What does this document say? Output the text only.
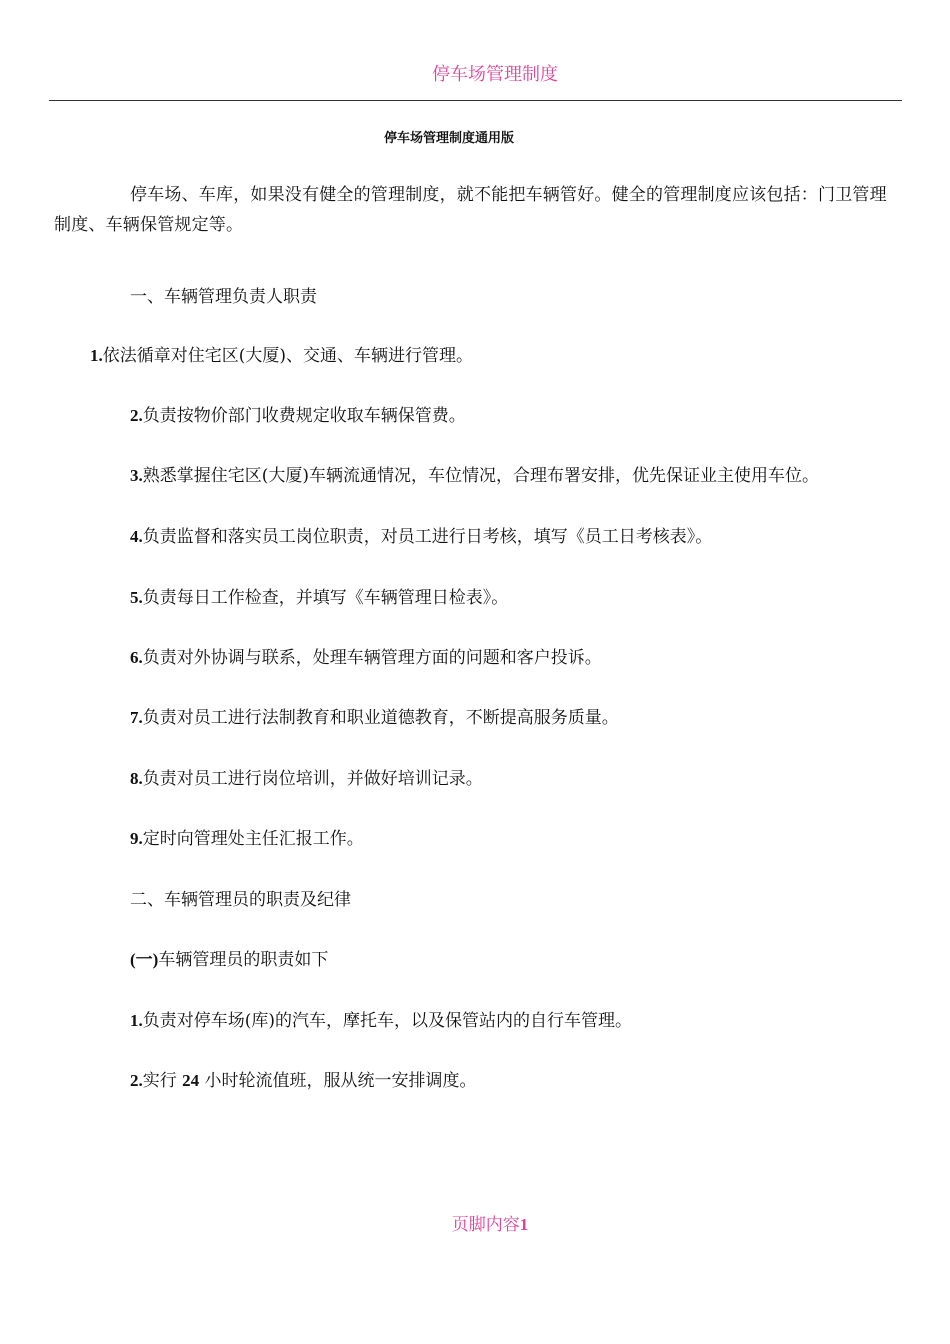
停车场管理制度
停车场管理制度通用版
停车场、车库，如果没有健全的管理制度，就不能把车辆管好。健全的管理制度应该包括：门卫管理制度、车辆保管规定等。
一、车辆管理负责人职责
1.依法循章对住宅区(大厦)、交通、车辆进行管理。
2.负责按物价部门收费规定收取车辆保管费。
3.熟悉掌握住宅区(大厦)车辆流通情况，车位情况，合理布署安排，优先保证业主使用车位。
4.负责监督和落实员工岗位职责，对员工进行日考核，填写《员工日考核表》。
5.负责每日工作检查，并填写《车辆管理日检表》。
6.负责对外协调与联系，处理车辆管理方面的问题和客户投诉。
7.负责对员工进行法制教育和职业道德教育，不断提高服务质量。
8.负责对员工进行岗位培训，并做好培训记录。
9.定时向管理处主任汇报工作。
二、车辆管理员的职责及纪律
(一)车辆管理员的职责如下
1.负责对停车场(库)的汽车，摩托车，以及保管站内的自行车管理。
2.实行 24 小时轮流值班，服从统一安排调度。
页脚内容1
